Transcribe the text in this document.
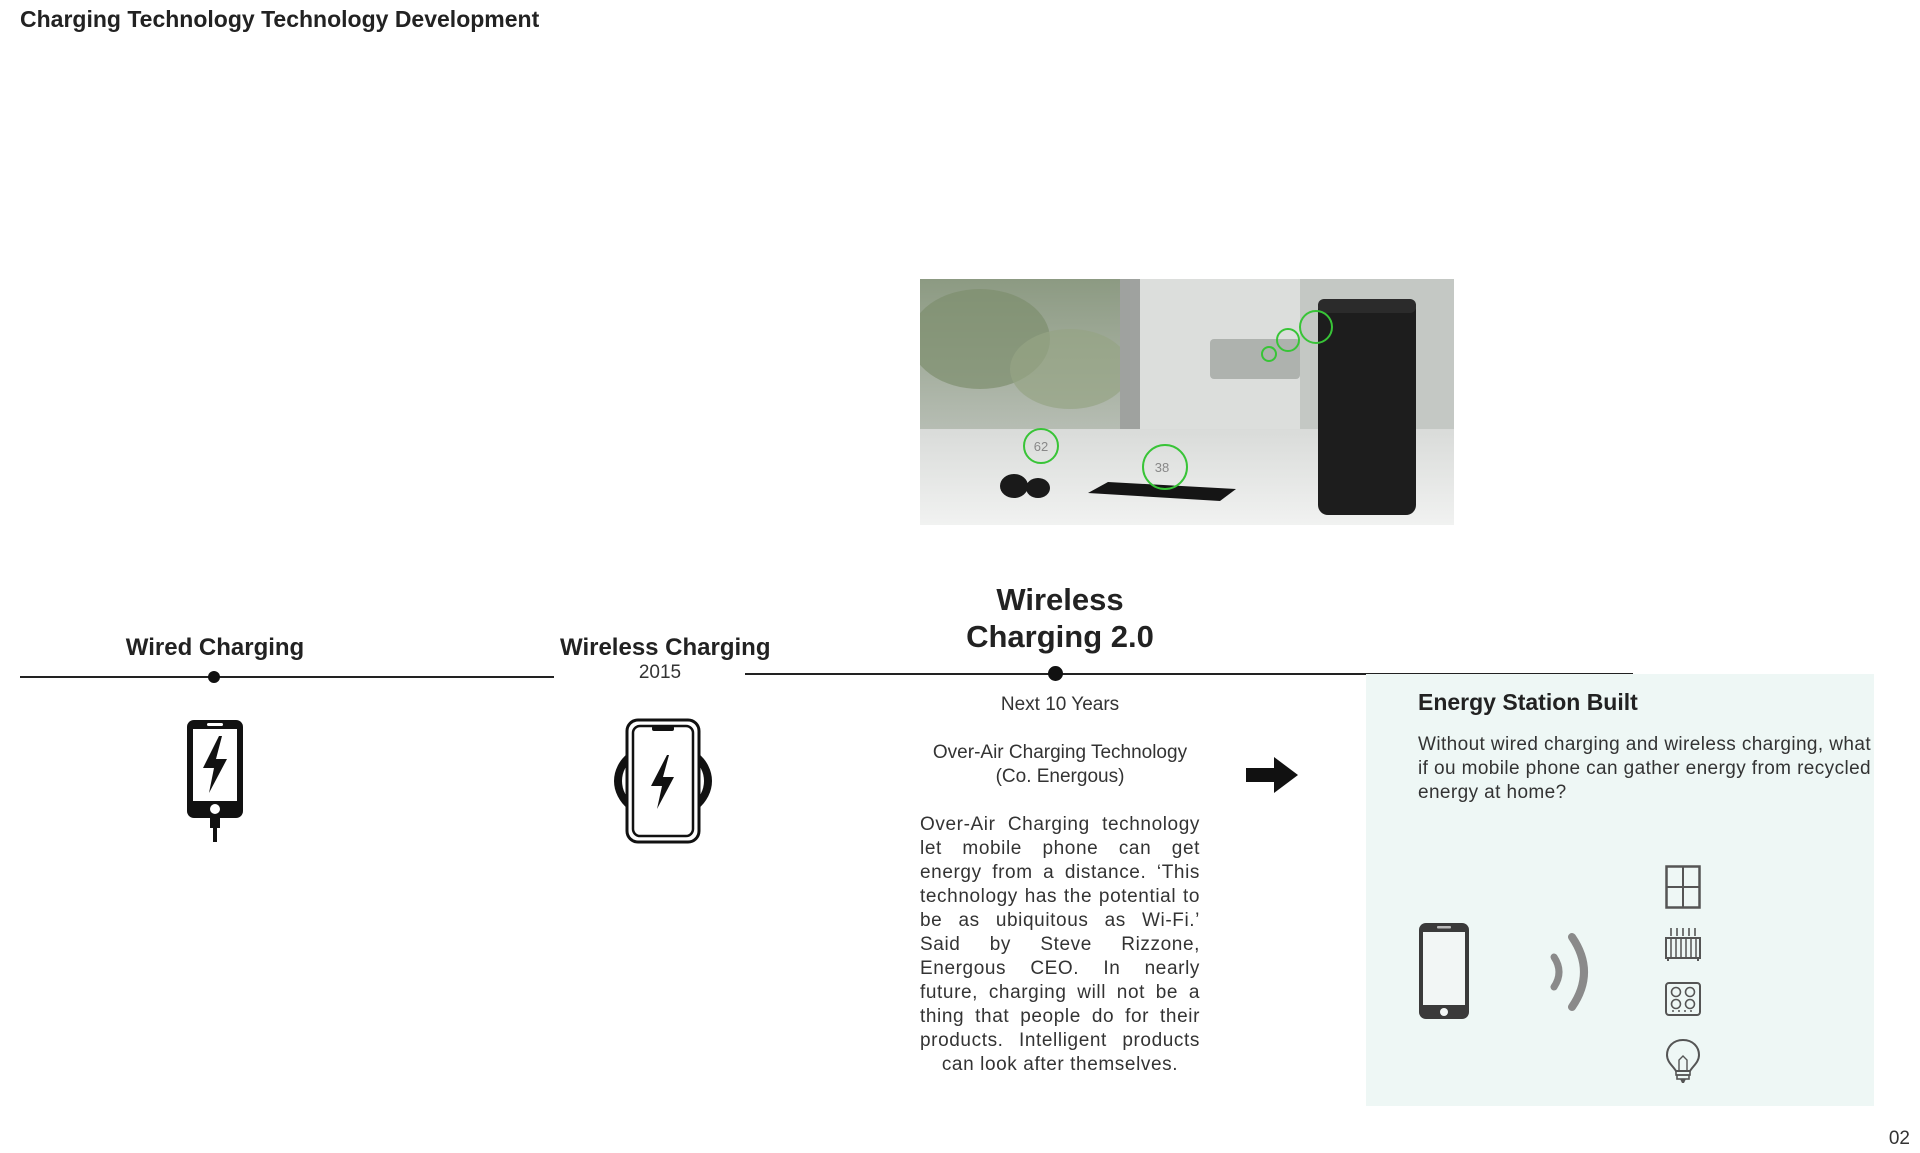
Charging Technology Technology Development
Wired Charging	Wireless Charging
2015
62
38
Wireless Charging 2.0
Next 10 Years
Over-Air Charging Technology
(Co. Energous)
Over-Air Charging technology let mobile phone can get energy from a distance. ‘This technology has the potential to be as ubiquitous as Wi-Fi.’ Said by Steve Rizzone, Energous CEO. In nearly future, charging will not be a thing that people do for their products. Intelligent products can look after themselves.
Energy Station Built
Without wired charging and wireless charging, what if ou mobile phone can gather energy from recycled energy at home?
02
